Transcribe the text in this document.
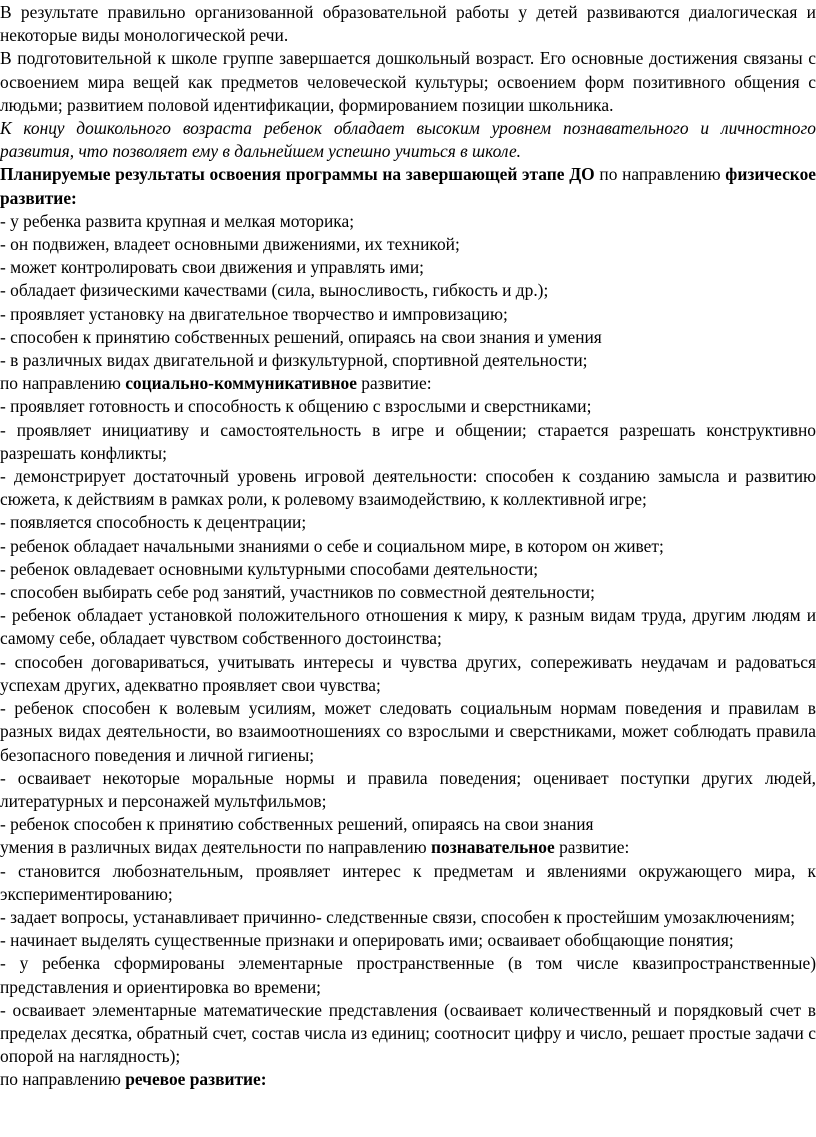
В результате правильно организованной образовательной работы у детей развиваются диалогическая и некоторые виды монологической речи.

В подготовительной к школе группе завершается дошкольный возраст. Его основные достижения связаны с освоением мира вещей как предметов человеческой культуры; освоением форм позитивного общения с людьми; развитием половой идентификации, формированием позиции школьника.

К концу дошкольного возраста ребенок обладает высоким уровнем познавательного и личностного развития, что позволяет ему в дальнейшем успешно учиться в школе.

Планируемые результаты освоения программы на завершающей этапе ДО по направлению физическое развитие:

- у ребенка развита крупная и мелкая моторика;

- он подвижен, владеет основными движениями, их техникой;

- может контролировать свои движения и управлять ими;

- обладает физическими качествами (сила, выносливость, гибкость и др.);

- проявляет установку на двигательное творчество и импровизацию;

- способен к принятию собственных решений, опираясь на свои знания и умения

- в различных видах двигательной и физкультурной, спортивной деятельности;

по направлению социально-коммуникативное развитие:

- проявляет готовность и способность к общению с взрослыми и сверстниками;

- проявляет инициативу и самостоятельность в игре и общении; старается разрешать конструктивно разрешать конфликты;

- демонстрирует достаточный уровень игровой деятельности: способен к созданию замысла и развитию сюжета, к действиям в рамках роли, к ролевому взаимодействию, к коллективной игре;

- появляется способность к децентрации;

- ребенок обладает начальными знаниями о себе и социальном мире, в котором он живет;

- ребенок овладевает основными культурными способами деятельности;

- способен выбирать себе род занятий, участников по совместной деятельности;

- ребенок обладает установкой положительного отношения к миру, к разным видам труда, другим людям и самому себе, обладает чувством собственного достоинства;

- способен договариваться, учитывать интересы и чувства других, сопереживать неудачам и радоваться успехам других, адекватно проявляет свои чувства;

- ребенок способен к волевым усилиям, может следовать социальным нормам поведения и правилам в разных видах деятельности, во взаимоотношениях со взрослыми и сверстниками, может соблюдать правила безопасного поведения и личной гигиены;

- осваивает некоторые моральные нормы и правила поведения; оценивает поступки других людей, литературных и персонажей мультфильмов;

- ребенок способен к принятию собственных решений, опираясь на свои знания

умения в различных видах деятельности по направлению познавательное развитие:

- становится любознательным, проявляет интерес к предметам и явлениями окружающего мира, к экспериментированию;

- задает вопросы, устанавливает причинно- следственные связи, способен к простейшим умозаключениям;

- начинает выделять существенные признаки и оперировать ими; осваивает обобщающие понятия;

- у ребенка сформированы элементарные пространственные (в том числе квазипространственные) представления и ориентировка во времени;

- осваивает элементарные математические представления (осваивает количественный и порядковый счет в пределах десятка, обратный счет, состав числа из единиц; соотносит цифру и число, решает простые задачи с опорой на наглядность);

по направлению речевое развитие:
